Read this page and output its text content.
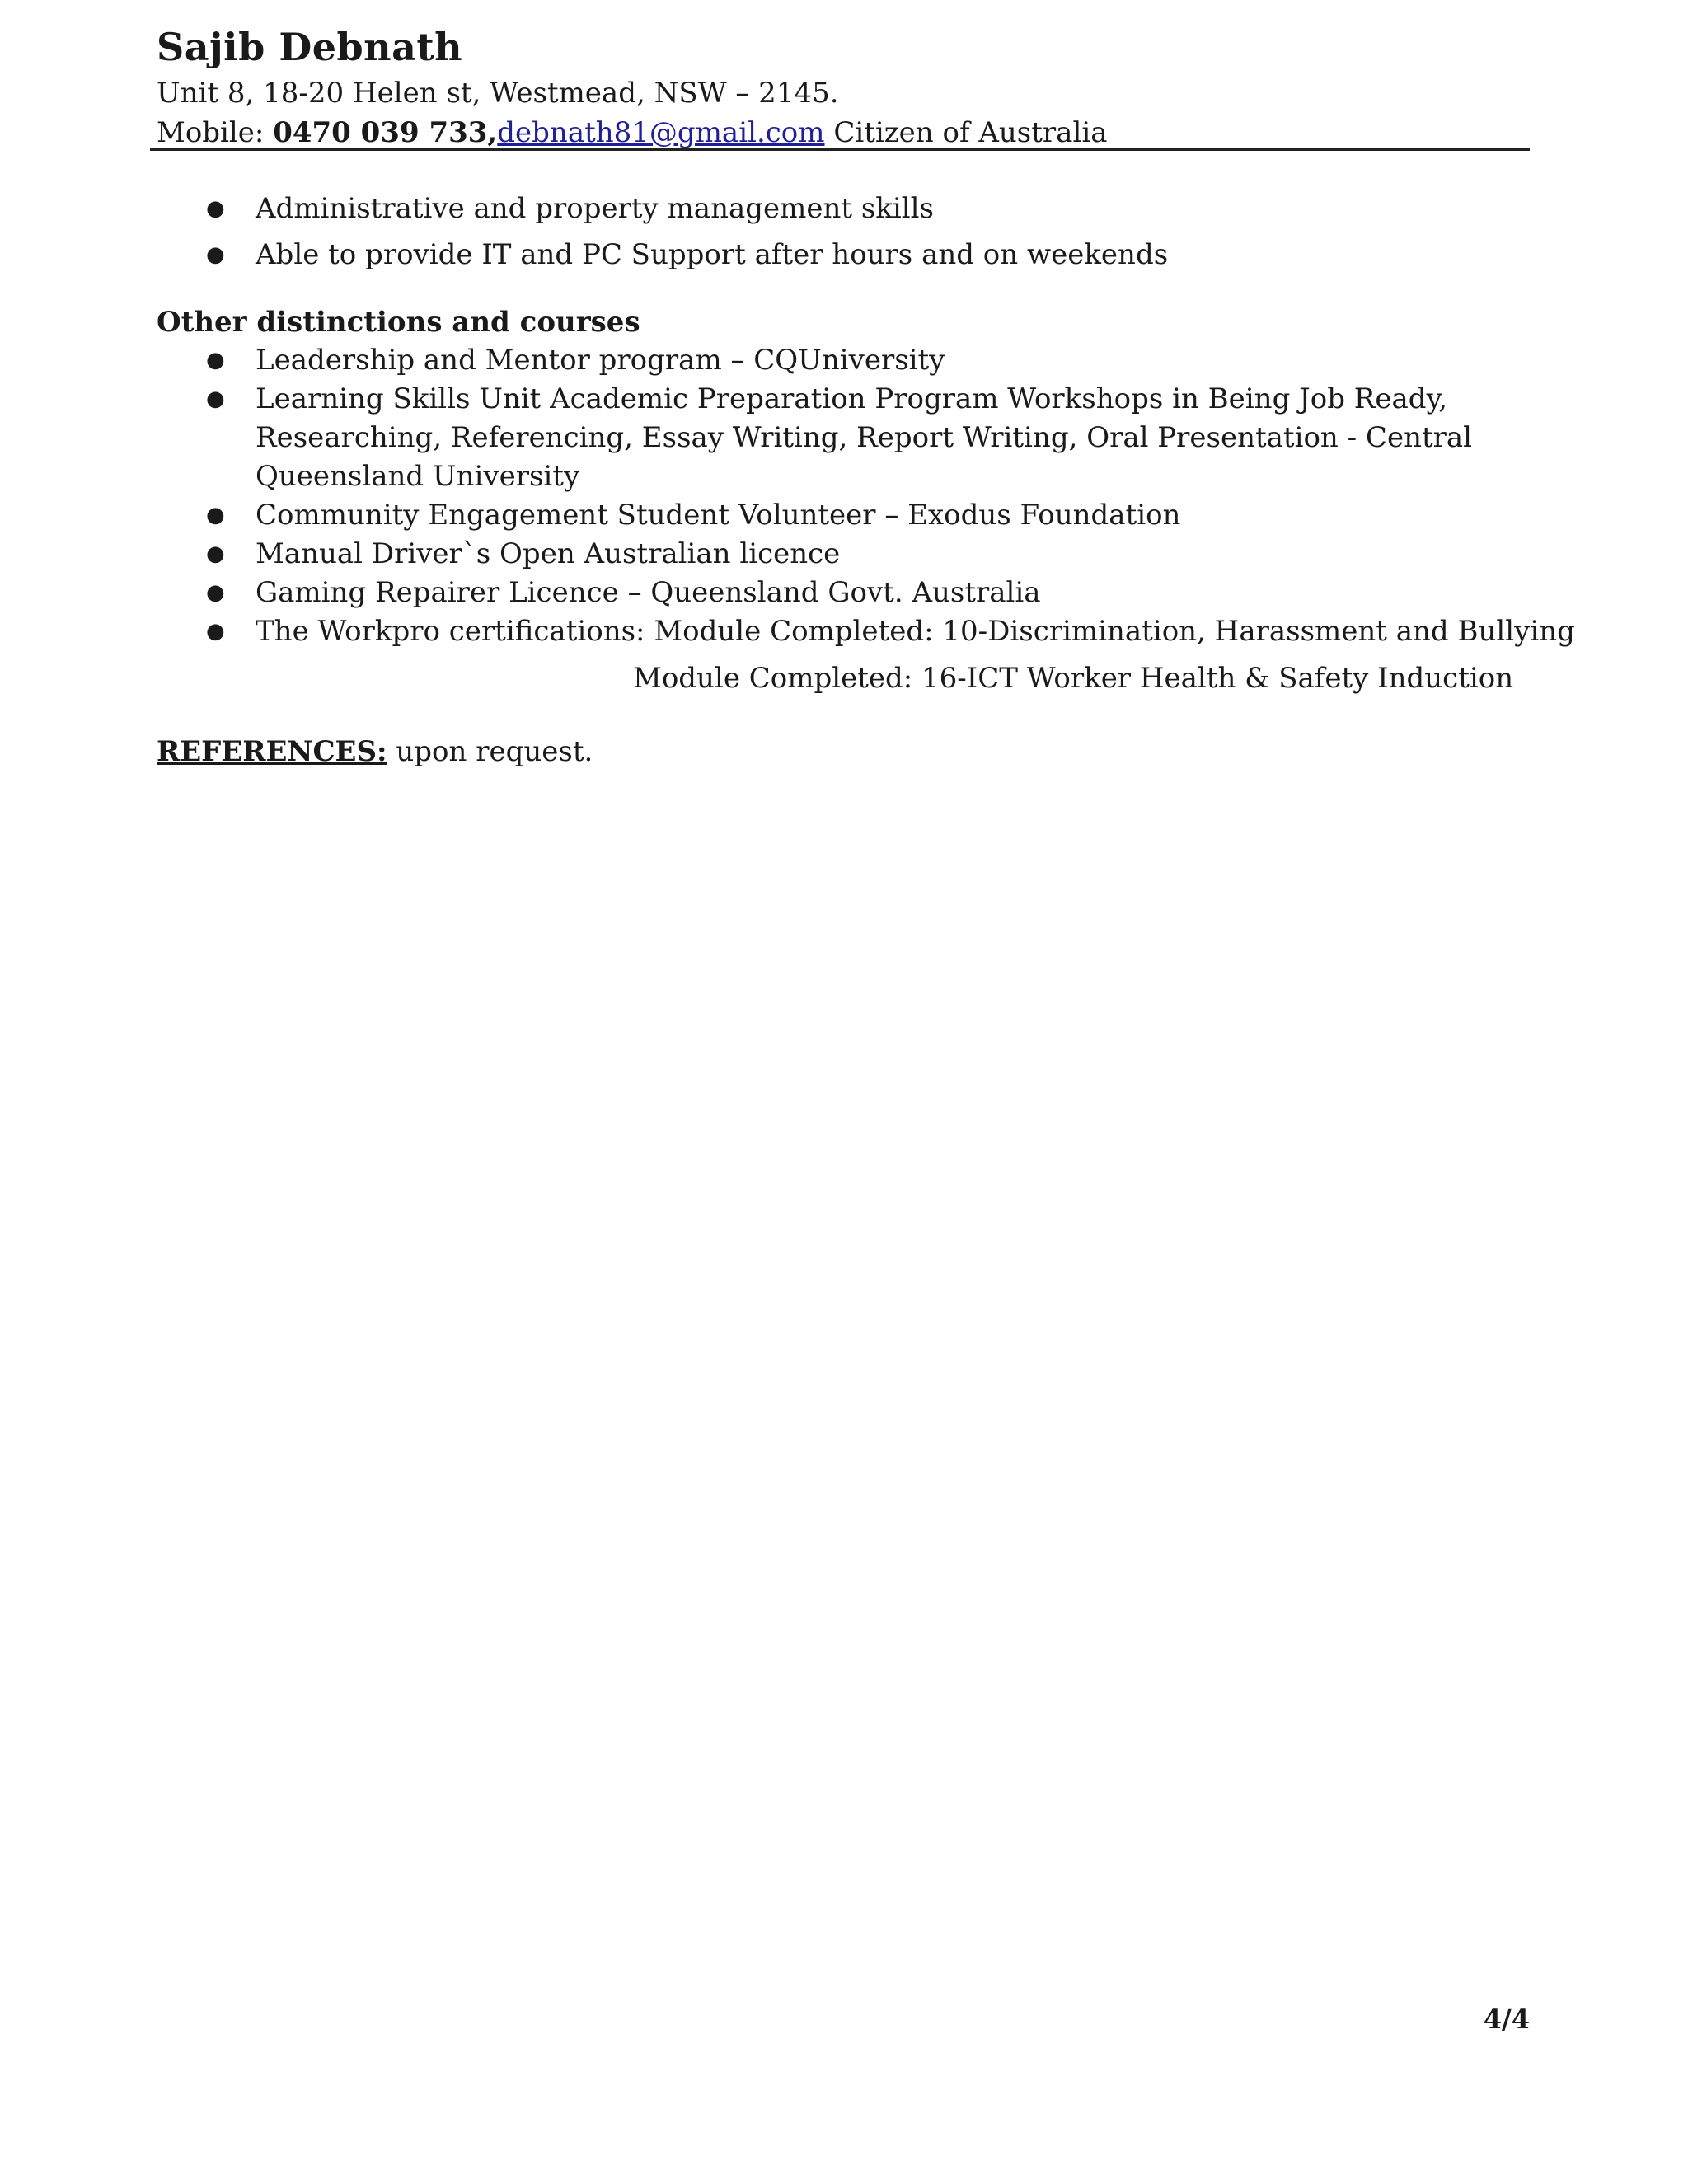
Sajib Debnath
Unit 8, 18-20 Helen st, Westmead, NSW – 2145.
Mobile: 0470 039 733,debnath81@gmail.com Citizen of Australia
● Administrative and property management skills
● Able to provide IT and PC Support after hours and on weekends
Other distinctions and courses
● Leadership and Mentor program – CQUniversity
● Learning Skills Unit Academic Preparation Program Workshops in Being Job Ready, Researching, Referencing, Essay Writing, Report Writing, Oral Presentation - Central Queensland University
● Community Engagement Student Volunteer – Exodus Foundation
● Manual Driver`s Open Australian licence
● Gaming Repairer Licence – Queensland Govt. Australia
● The Workpro certifications: Module Completed: 10-Discrimination, Harassment and Bullying
Module Completed: 16-ICT Worker Health & Safety Induction
REFERENCES: upon request.
4/4
